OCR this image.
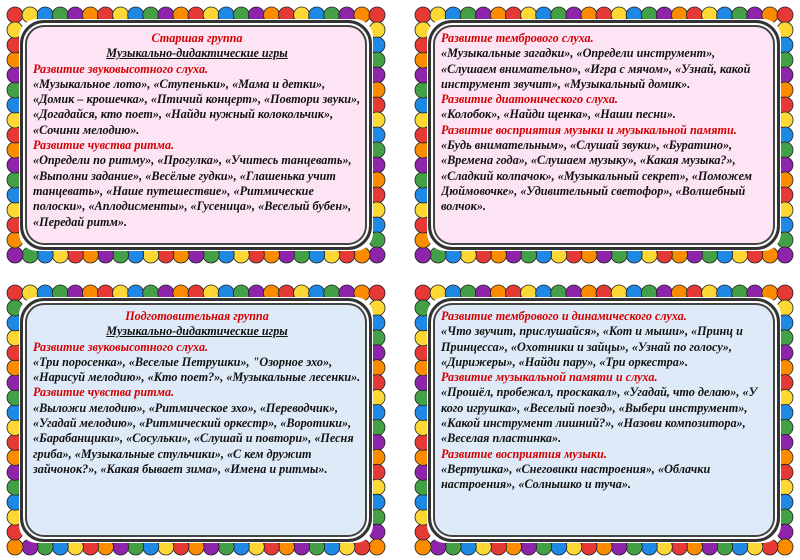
Старшая группа

Музыкально-дидактические игры

Развитие звуковысотного слуха.

«Музыкальное лото», «Ступеньки», «Мама и детки», «Домик – крошечка», «Птичий концерт», «Повтори звуки», «Догадайся, кто поет», «Найди нужный колокольчик», «Сочини мелодию».

Развитие чувства ритма.

«Определи по ритму», «Прогулка», «Учитесь танцевать», «Выполни задание», «Весёлые гудки», «Глашенька учит танцевать», «Наше путешествие», «Ритмические полоски», «Аплодисменты», «Гусеница», «Веселый бубен», «Передай ритм».

Развитие тембрового слуха.

«Музыкальные загадки», «Определи инструмент», «Слушаем внимательно», «Игра с мячом», «Узнай, какой инструмент звучит», «Музыкальный домик».

Развитие диатонического слуха.

«Колобок», «Найди щенка», «Наши песни».

Развитие восприятия музыки и музыкальной памяти.

«Будь внимательным», «Слушай звуки», «Буратино», «Времена года», «Слушаем музыку», «Какая музыка?», «Сладкий колпачок», «Музыкальный секрет», «Поможем Дюймовочке», «Удивительный светофор», «Волшебный волчок».

Подготовительная группа

Музыкально-дидактические игры

Развитие звуковысотного слуха.

«Три поросенка», «Веселые Петрушки», "Озорное эхо», «Нарисуй мелодию», «Кто поет?», «Музыкальные лесенки».

Развитие чувства ритма.

«Выложи мелодию», «Ритмическое эхо», «Переводчик», «Угадай мелодию», «Ритмический оркестр», «Воротики», «Барабанщики», «Сосульки», «Слушай и повтори», «Песня гриба», «Музыкальные стульчики», «С кем дружит зайчонок?», «Какая бывает зима», «Имена и ритмы».

Развитие тембрового и динамического слуха.

«Что звучит, прислушайся», «Кот и мыши», «Принц и Принцесса», «Охотники и зайцы», «Узнай по голосу», «Дирижеры», «Найди пару», «Три оркестра».

Развитие музыкальной памяти и слуха.

«Прошёл, пробежал, проскакал», «Угадай, что делаю», «У кого игрушка», «Веселый поезд», «Выбери инструмент», «Какой инструмент лишний?», «Назови композитора», «Веселая пластинка».

Развитие восприятия музыки.

«Вертушка», «Снеговики настроения», «Облачки настроения», «Солнышко и туча».
